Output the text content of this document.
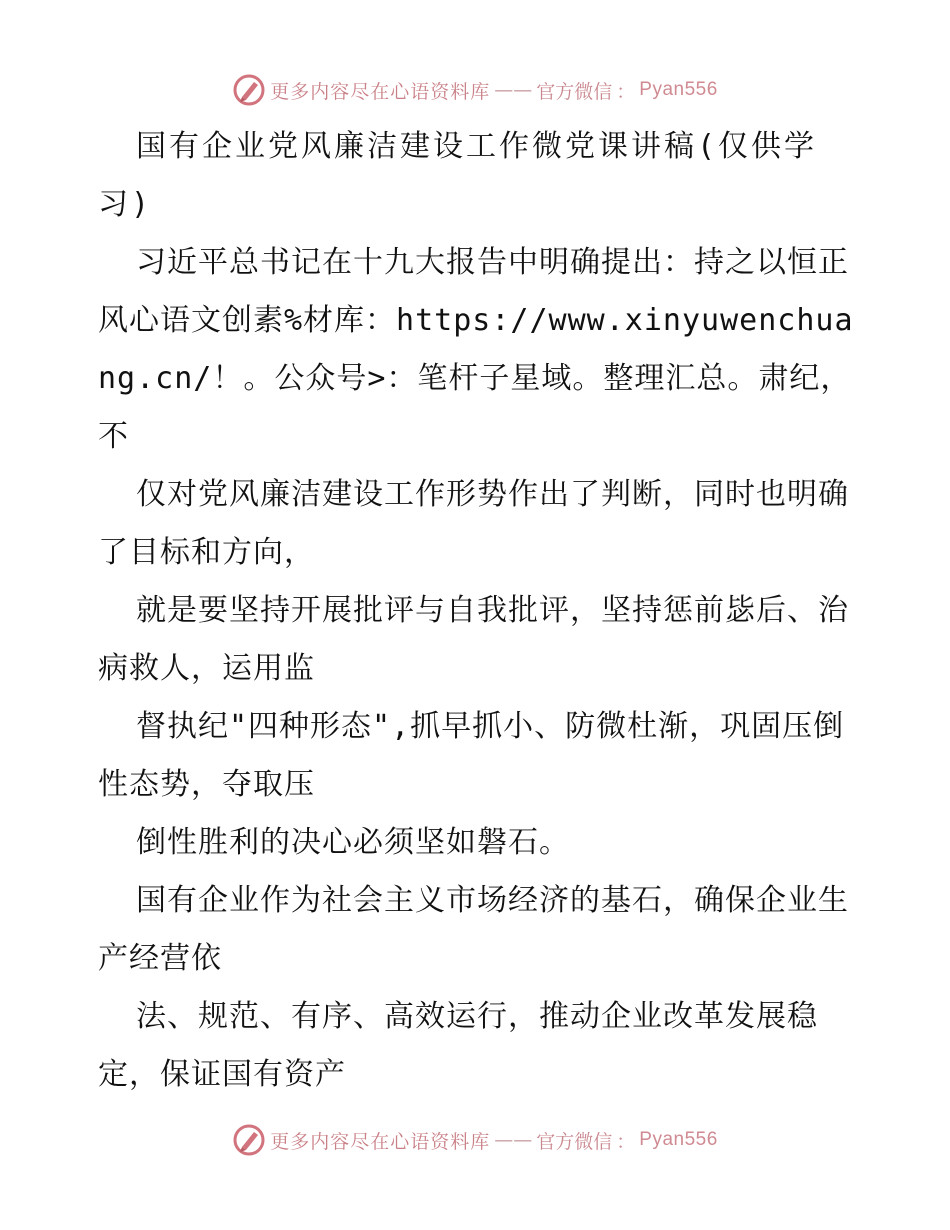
更多内容尽在心语资料库 —— 官方微信 ： Pyan556

国有企业党风廉洁建设工作微党课讲稿(仅供学习)

习近平总书记在十九大报告中明确提出：持之以恒正风心语文创素%材库：https://www.xinyuwenchuang.cn/！。公众号>：笔杆子星域。整理汇总。肃纪，不

仅对党风廉洁建设工作形势作出了判断，同时也明确了目标和方向，

就是要坚持开展批评与自我批评，坚持惩前毖后、治病救人，运用监

督执纪"四种形态",抓早抓小、防微杜渐，巩固压倒性态势，夺取压

倒性胜利的决心必须坚如磐石。

国有企业作为社会主义市场经济的基石，确保企业生产经营依

法、规范、有序、高效运行，推动企业改革发展稳定，保证国有资产

更多内容尽在心语资料库 —— 官方微信 ： Pyan556
